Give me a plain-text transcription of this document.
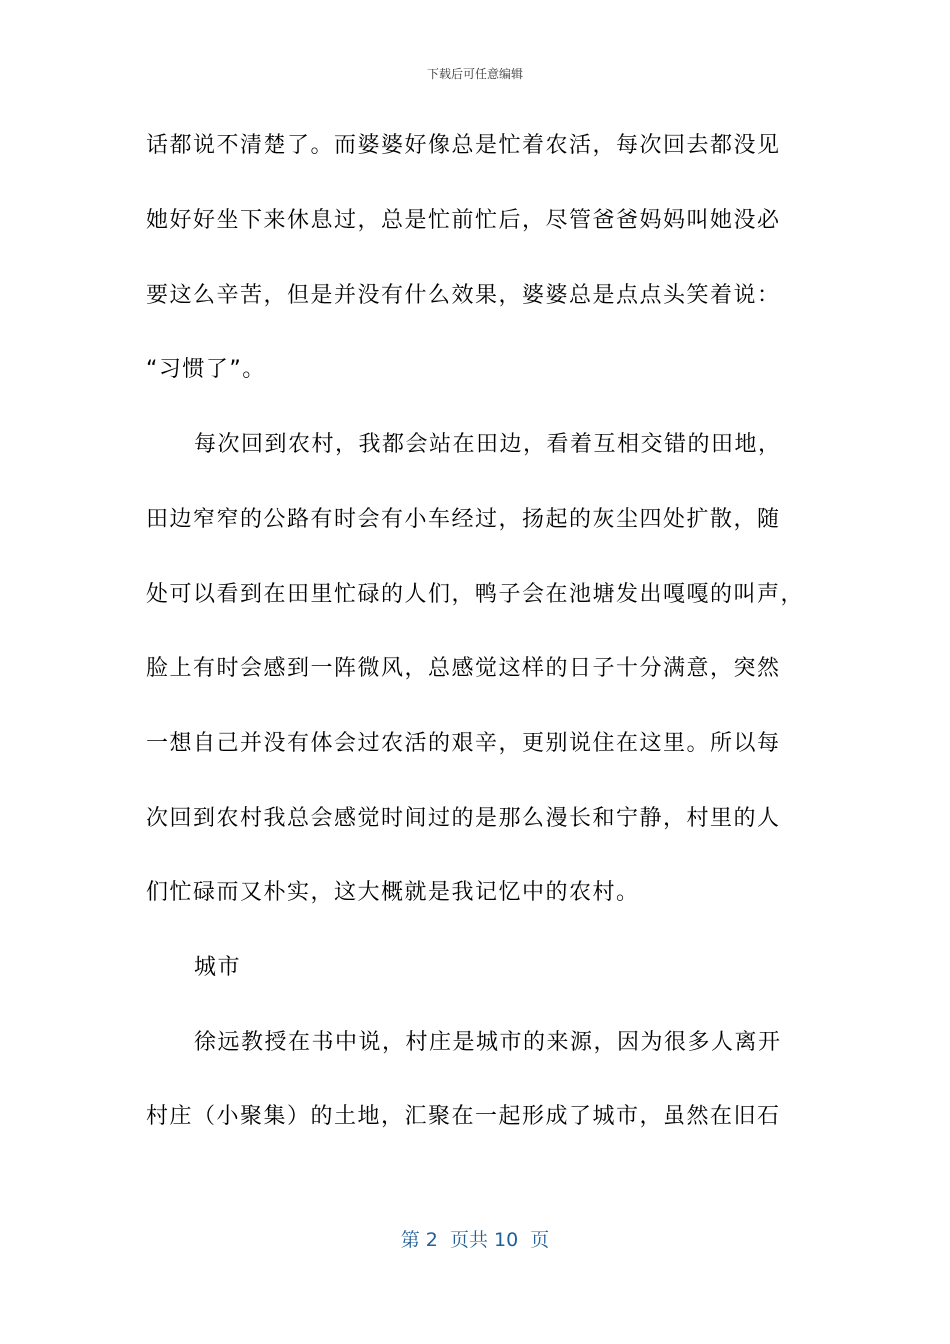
下载后可任意编辑
话都说不清楚了。而婆婆好像总是忙着农活，每次回去都没见
她好好坐下来休息过，总是忙前忙后，尽管爸爸妈妈叫她没必
要这么辛苦，但是并没有什么效果，婆婆总是点点头笑着说：
“习惯了”。
每次回到农村，我都会站在田边，看着互相交错的田地，
田边窄窄的公路有时会有小车经过，扬起的灰尘四处扩散，随
处可以看到在田里忙碌的人们，鸭子会在池塘发出嘎嘎的叫声，
脸上有时会感到一阵微风，总感觉这样的日子十分满意，突然
一想自己并没有体会过农活的艰辛，更别说住在这里。所以每
次回到农村我总会感觉时间过的是那么漫长和宁静，村里的人
们忙碌而又朴实，这大概就是我记忆中的农村。
城市
徐远教授在书中说，村庄是城市的来源，因为很多人离开
村庄（小聚集）的土地，汇聚在一起形成了城市，虽然在旧石
第 2  页共 10  页
